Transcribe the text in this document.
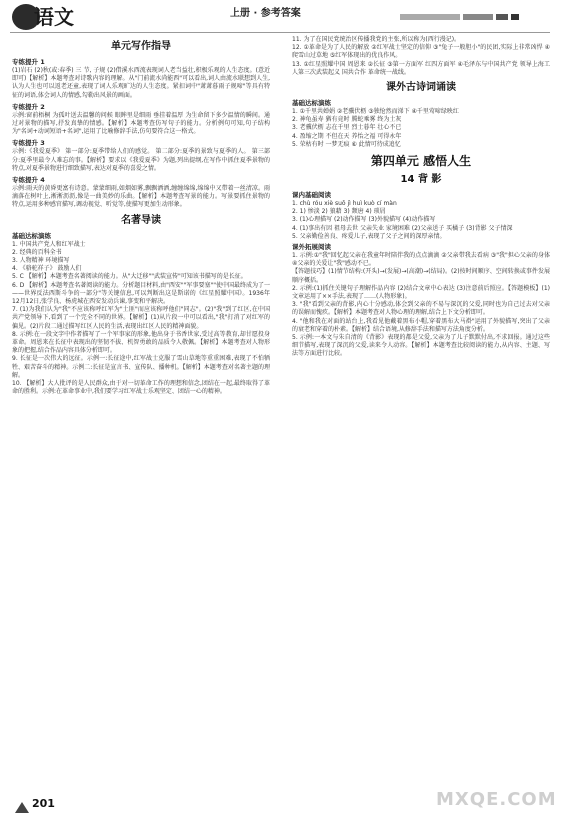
语文	上册 · 参考答案
单元写作指导
专练提升 1
(1)岩石 (2)秋(或:春季) 三 节, 子规 (2)借溪水西流表现词人老当益壮,积极乐观的人生态度。(意近即可)【解析】本题考查对诗歌内容的理解。从"门前流水尚能西"可以看出,词人由流水联想到人生,认为人生也可以返老还童,表现了词人乐观旷达的人生态度。紧扣词中"萧萧暮雨子规啼"等具有特征的词语,体会词人的情感,勾勒出风景的画面。
专练提升 2
示例:窗前梧桐 为孤叶送去温馨的问候 眼眸里是细雨 垂挂着温厚 为生命留下多少温情的瞬间。通过对景物的描写,抒发真挚的情感。【解析】本题考查仿写句子的能力。分析例句可知,句子结构为"名词+动词短语+名词",运用了比喻修辞手法,仿句要符合这一格式。
专练提升 3
示例:《我爱夏季》 第一部分:夏季带给人们的感觉。 第二部分:夏季的景致与夏季的人。 第三部分:夏季里最令人难忘的事。【解析】要求以《我爱夏季》为题,列出提纲,在写作中抓住夏季景物的特点,对夏季景物进行细致描写,表达对夏季的喜爱之情。
专练提升 4
示例:雨天的黄昏更富有诗意。蒙蒙细雨,如烟如雾,飘飘洒洒,缠缠绵绵,绵绵中又带着一丝清凉。雨滴落在树叶上,淅淅沥沥,像是一曲美妙的乐曲。【解析】本题考查写景的能力。写景要抓住景物的特点,运用多种感官描写,调动视觉、听觉等,使描写更加生动形象。
名著导读
基础达标演练
1. 中国共产党人和红军战士
2. 经典的百科全书
3. 人物精神 环境描写
4. 《骆驼祥子》 鼓励人们
5. C 【解析】本题考查名著阅读的能力。从"大迁移""武装宣传"可知该书描写的是长征。
6. D 【解析】本题考查名著阅读的能力。分析题目材料,由"西安""军事要塞""使中国最终成为了一——世界反法西斯斗争的一部分"等关键信息,可以判断出这是斯诺的《红星照耀中国》。1936年12月12日,张学良、杨虎城在西安发动兵谏,事变和平解决。
7. (1)为我们认为"我"不应该称呼红军为"土匪"而应该称呼他们"同志"。(2)"我"到了红区,在中国共产党领导下,看到了一个完全不同的世界。【解析】(1)从片段一中可以看出,"我"打消了对红军的偏见。(2)片段二通过描写红区人民的生活,表现出红区人民的精神面貌。
8. 示例:在一段文字中作者描写了一个军事家的形象,他出身于书香世家,受过高等教育,却甘愿投身革命。周恩来在长征中表现出的坚韧不拔、机智勇敢的品质令人敬佩。【解析】本题考查对人物形象的把握,结合作品内容具体分析即可。
9. 长征是一次伟大的远征。示例一:长征途中,红军战士克服了雪山草地等重重困难,表现了不怕牺牲、艰苦奋斗的精神。示例二:长征是宣言书、宣传队、播种机。【解析】本题考查对名著主题的理解。
10. 【解析】大人批评的是人民群众,由于对一切革命工作的理想和信念,团结在一起,最终取得了革命的胜利。示例:在革命事业中,我们要学习红军战士乐观坚定、团结一心的精神。
11. 为了在国民党统治区传播我党的主张,所以称为(西行漫记)。
12. ①革命是为了人民的解放 ②红军战士坚定的信仰 ③"兔子一般胆小"的民团,实际上非常凶悍 ④爬雪山过草地 ⑤红军体现出的优良作风。
13. ①红星照耀中国 周恩来 ②长征 ③第一方面军 红四方面军 ④毛泽东与中国共产党 领导上海工人第三次武装起义 国共合作 革命统一战线。
课外古诗词诵读
基础达标演练
1. ①千里共婵娟 ②老骥伏枥 ③独怆然而涕下 ④千里莺啼绿映红
2. 神龟虽寿 猶有竟时 腾蛇乘雾 终为土灰
3. 老骥伏枥 志在千里 烈士暮年 壮心不已
4. 盈缩之期 不但在天 养怡之福 可得永年
5. 荣枯有时 一梦无痕 ⑥ 此情可待成追忆
第四单元 感悟人生
14 背 影
课内基础阅读
1. chù róu xiè suō jì huì kuò cí màn
2. 1) 惨淡 2) 狼藉 3) 颓唐 4) 琐屑
3. (1)心理描写 (2)动作描写 (3)外貌描写 (4)动作描写
4. (1)事出有因 祖母去世 父亲失业 家境困难 (2)父亲送子 买橘子 (3)背影 父子情深
5. 父亲勤俭善良、疼爱儿子,表现了父子之间的深厚亲情。
课外拓展阅读
1. 示例:①"我"回忆起父亲在我童年时陪伴我的点点滴滴 ②父亲带我去看病 ③"我"担心父亲的身体 ④父亲的关爱让"我"感动不已。
【答题技巧】(1)情节结构:(开头)→(发展)→(高潮)→(结局)。(2)按时间顺序、空间转换或事件发展顺序概括。
2. 示例:(1)抓住关键句子理解作品内容 (2)结合文章中心表达 (3)注意前后照应。【答题模板】(1)文章运用了××手法,表现了……(人物形象)。
3. "我"看到父亲的背影,内心十分感动,体会到父亲的不易与深沉的父爱,同时也为自己过去对父亲的误解而愧疚。【解析】本题考查对人物心理的理解,结合上下文分析即可。
4. "他和我在对面的站台上,我看见他戴着黑布小帽,穿着黑布大马褂"运用了外貌描写,突出了父亲的衰老和穿着的朴素。【解析】结合语境,从修辞手法和描写方法角度分析。
5. 示例:一本文与朱自清的《背影》表现的都是父爱,父亲为了儿子默默付出,不求回报。通过这些细节描写,表现了深沉的父爱,读来令人动容。【解析】本题考查比较阅读的能力,从内容、主题、写法等方面进行比较。
201	MXQE.COM
